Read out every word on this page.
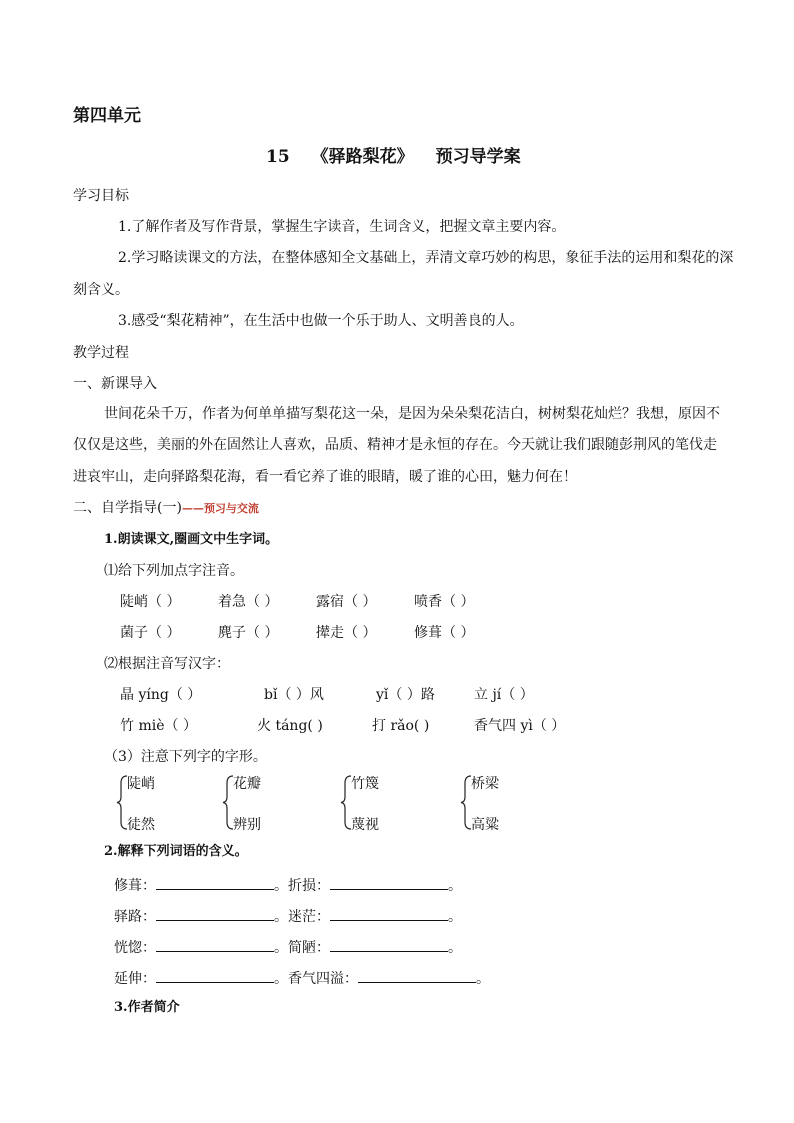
第四单元
15 《驿路梨花》 预习导学案
学习目标
1.了解作者及写作背景，掌握生字读音，生词含义，把握文章主要内容。
2.学习略读课文的方法，在整体感知全文基础上，弄清文章巧妙的构思，象征手法的运用和梨花的深
刻含义。
3.感受“梨花精神”，在生活中也做一个乐于助人、文明善良的人。
教学过程
一、新课导入
世间花朵千万，作者为何单单描写梨花这一朵，是因为朵朵梨花洁白，树树梨花灿烂？我想，原因不
仅仅是这些，美丽的外在固然让人喜欢，品质、精神才是永恒的存在。今天就让我们跟随彭荆风的笔伐走
进哀牢山，走向驿路梨花海，看一看它养了谁的眼睛，暖了谁的心田，魅力何在！
二、自学指导(一)——预习与交流
1.朗读课文,圈画文中生字词。
⑴给下列加点字注音。
陡峭（ ）	着急（ ）	露宿（ ）	喷香（ ）
菌子（ ）	麂子（ ）	撵走（ ）	修葺（ ）
⑵根据注音写汉字：
晶 yíng（ ）	bǐ（ ）风	yǐ（ ）路	立 jí（ ）
竹 miè（ ）	火 táng( )	打 rǎo( )	香气四 yì（ ）
（3）注意下列字的字形。
陡峭
徒然
花瓣
辨别
竹篾
蔑视
桥梁
高粱
2.解释下列词语的含义。
修葺：	。折损：	。
驿路：	。迷茫：	。
恍惚：	。简陋：	。
延伸：	。香气四溢：	。
3.作者简介
